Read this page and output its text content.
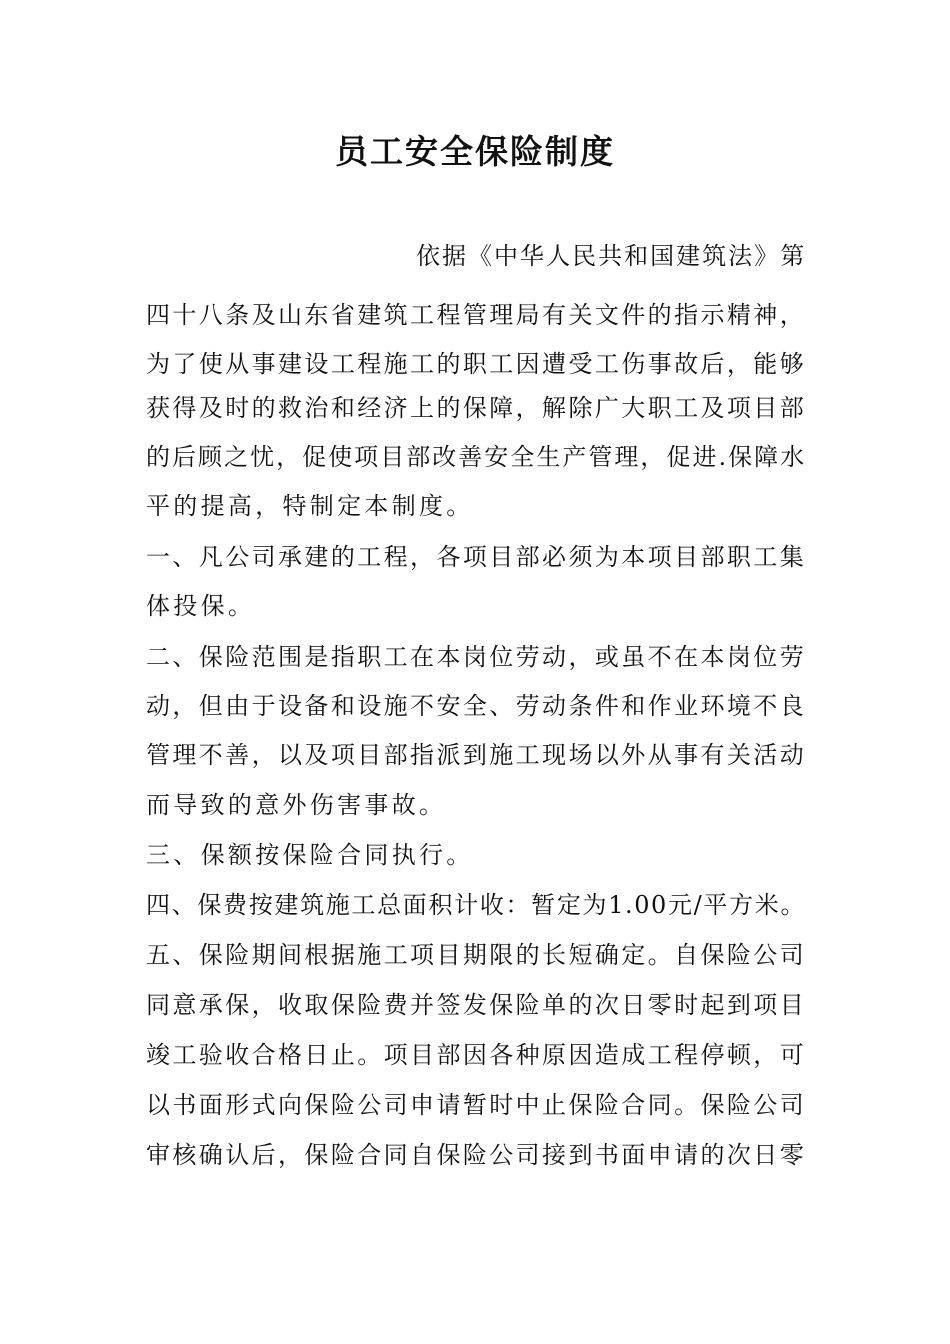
员工安全保险制度
依据《中华人民共和国建筑法》第
四十八条及山东省建筑工程管理局有关文件的指示精神，
为了使从事建设工程施工的职工因遭受工伤事故后，能够
获得及时的救治和经济上的保障，解除广大职工及项目部
的后顾之忧，促使项目部改善安全生产管理，促进.保障水
平的提高，特制定本制度。
一、凡公司承建的工程，各项目部必须为本项目部职工集
体投保。
二、保险范围是指职工在本岗位劳动，或虽不在本岗位劳
动，但由于设备和设施不安全、劳动条件和作业环境不良
管理不善，以及项目部指派到施工现场以外从事有关活动
而导致的意外伤害事故。
三、保额按保险合同执行。
四、保费按建筑施工总面积计收：暂定为1.00元/平方米。
五、保险期间根据施工项目期限的长短确定。自保险公司
同意承保，收取保险费并签发保险单的次日零时起到项目
竣工验收合格日止。项目部因各种原因造成工程停顿，可
以书面形式向保险公司申请暂时中止保险合同。保险公司
审核确认后，保险合同自保险公司接到书面申请的次日零
